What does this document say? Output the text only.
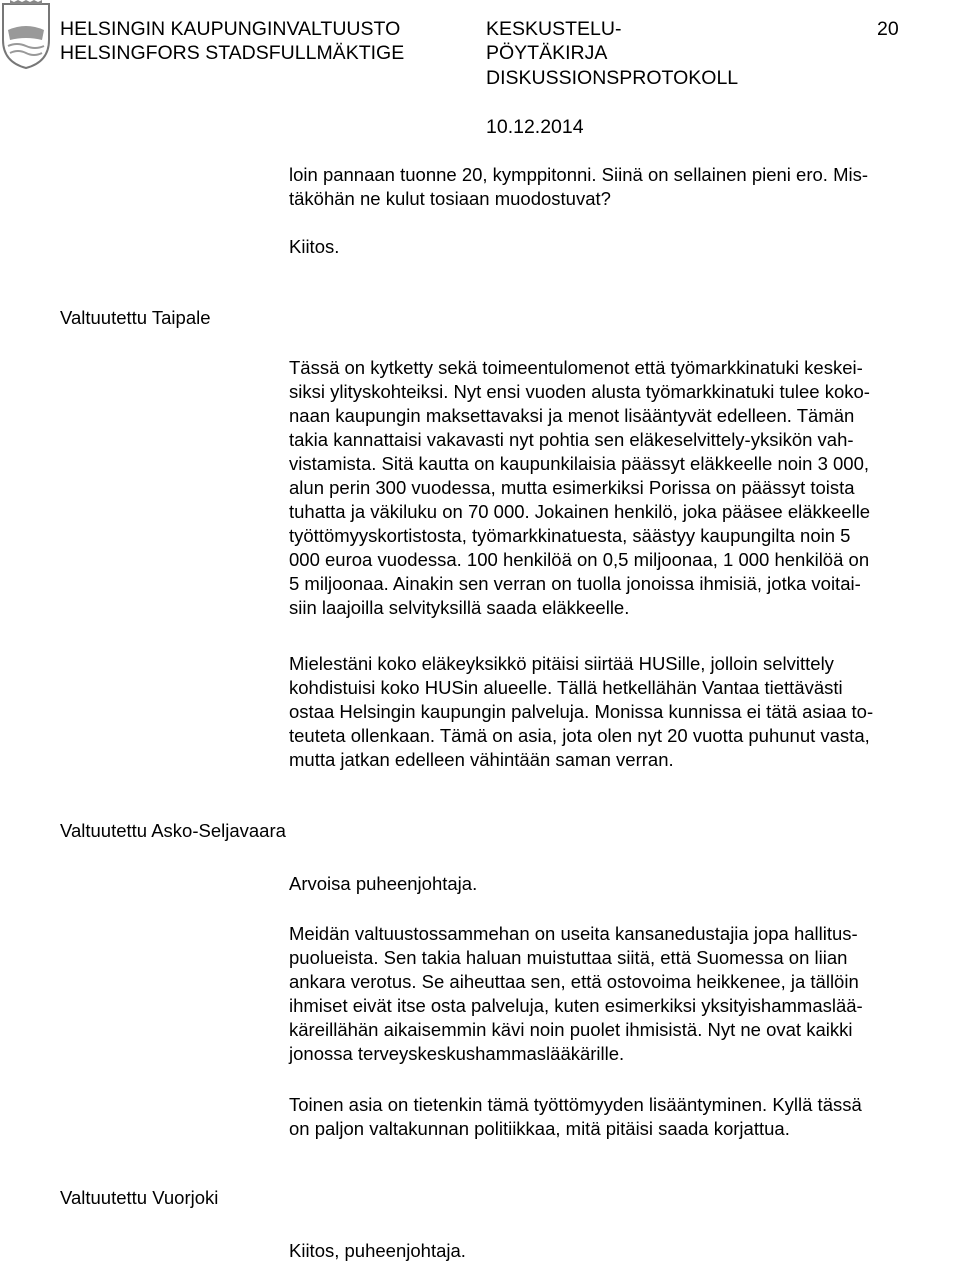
HELSINGIN KAUPUNGINVALTUUSTO
HELSINGFORS STADSFULLMÄKTIGE
KESKUSTELU-
PÖYTÄKIRJA
DISKUSSIONSPROTOKOLL
20
10.12.2014
loin pannaan tuonne 20, kymppitonni. Siinä on sellainen pieni ero. Mis-
täköhän ne kulut tosiaan muodostuvat?
Kiitos.
Valtuutettu Taipale
Tässä on kytketty sekä toimeentulomenot että työmarkkinatuki keskei-
siksi ylityskohteiksi. Nyt ensi vuoden alusta työmarkkinatuki tulee koko-
naan kaupungin maksettavaksi ja menot lisääntyvät edelleen. Tämän
takia kannattaisi vakavasti nyt pohtia sen eläkeselvittely-yksikön vah-
vistamista. Sitä kautta on kaupunkilaisia päässyt eläkkeelle noin 3 000,
alun perin 300 vuodessa, mutta esimerkiksi Porissa on päässyt toista
tuhatta ja väkiluku on 70 000. Jokainen henkilö, joka pääsee eläkkeelle
työttömyyskortistosta, työmarkkinatuesta, säästyy kaupungilta noin 5
000 euroa vuodessa. 100 henkilöä on 0,5 miljoonaa, 1 000 henkilöä on
5 miljoonaa. Ainakin sen verran on tuolla jonoissa ihmisiä, jotka voitai-
siin laajoilla selvityksillä saada eläkkeelle.
Mielestäni koko eläkeyksikkö pitäisi siirtää HUSille, jolloin selvittely
kohdistuisi koko HUSin alueelle. Tällä hetkellähän Vantaa tiettävästi
ostaa Helsingin kaupungin palveluja. Monissa kunnissa ei tätä asiaa to-
teuteta ollenkaan. Tämä on asia, jota olen nyt 20 vuotta puhunut vasta,
mutta jatkan edelleen vähintään saman verran.
Valtuutettu Asko-Seljavaara
Arvoisa puheenjohtaja.
Meidän valtuustossammehan on useita kansanedustajia jopa hallitus-
puolueista. Sen takia haluan muistuttaa siitä, että Suomessa on liian
ankara verotus. Se aiheuttaa sen, että ostovoima heikkenee, ja tällöin
ihmiset eivät itse osta palveluja, kuten esimerkiksi yksityishammaslää-
käreillähän aikaisemmin kävi noin puolet ihmisistä. Nyt ne ovat kaikki
jonossa terveyskeskushammaslääkärille.
Toinen asia on tietenkin tämä työttömyyden lisääntyminen. Kyllä tässä
on paljon valtakunnan politiikkaa, mitä pitäisi saada korjattua.
Valtuutettu Vuorjoki
Kiitos, puheenjohtaja.
